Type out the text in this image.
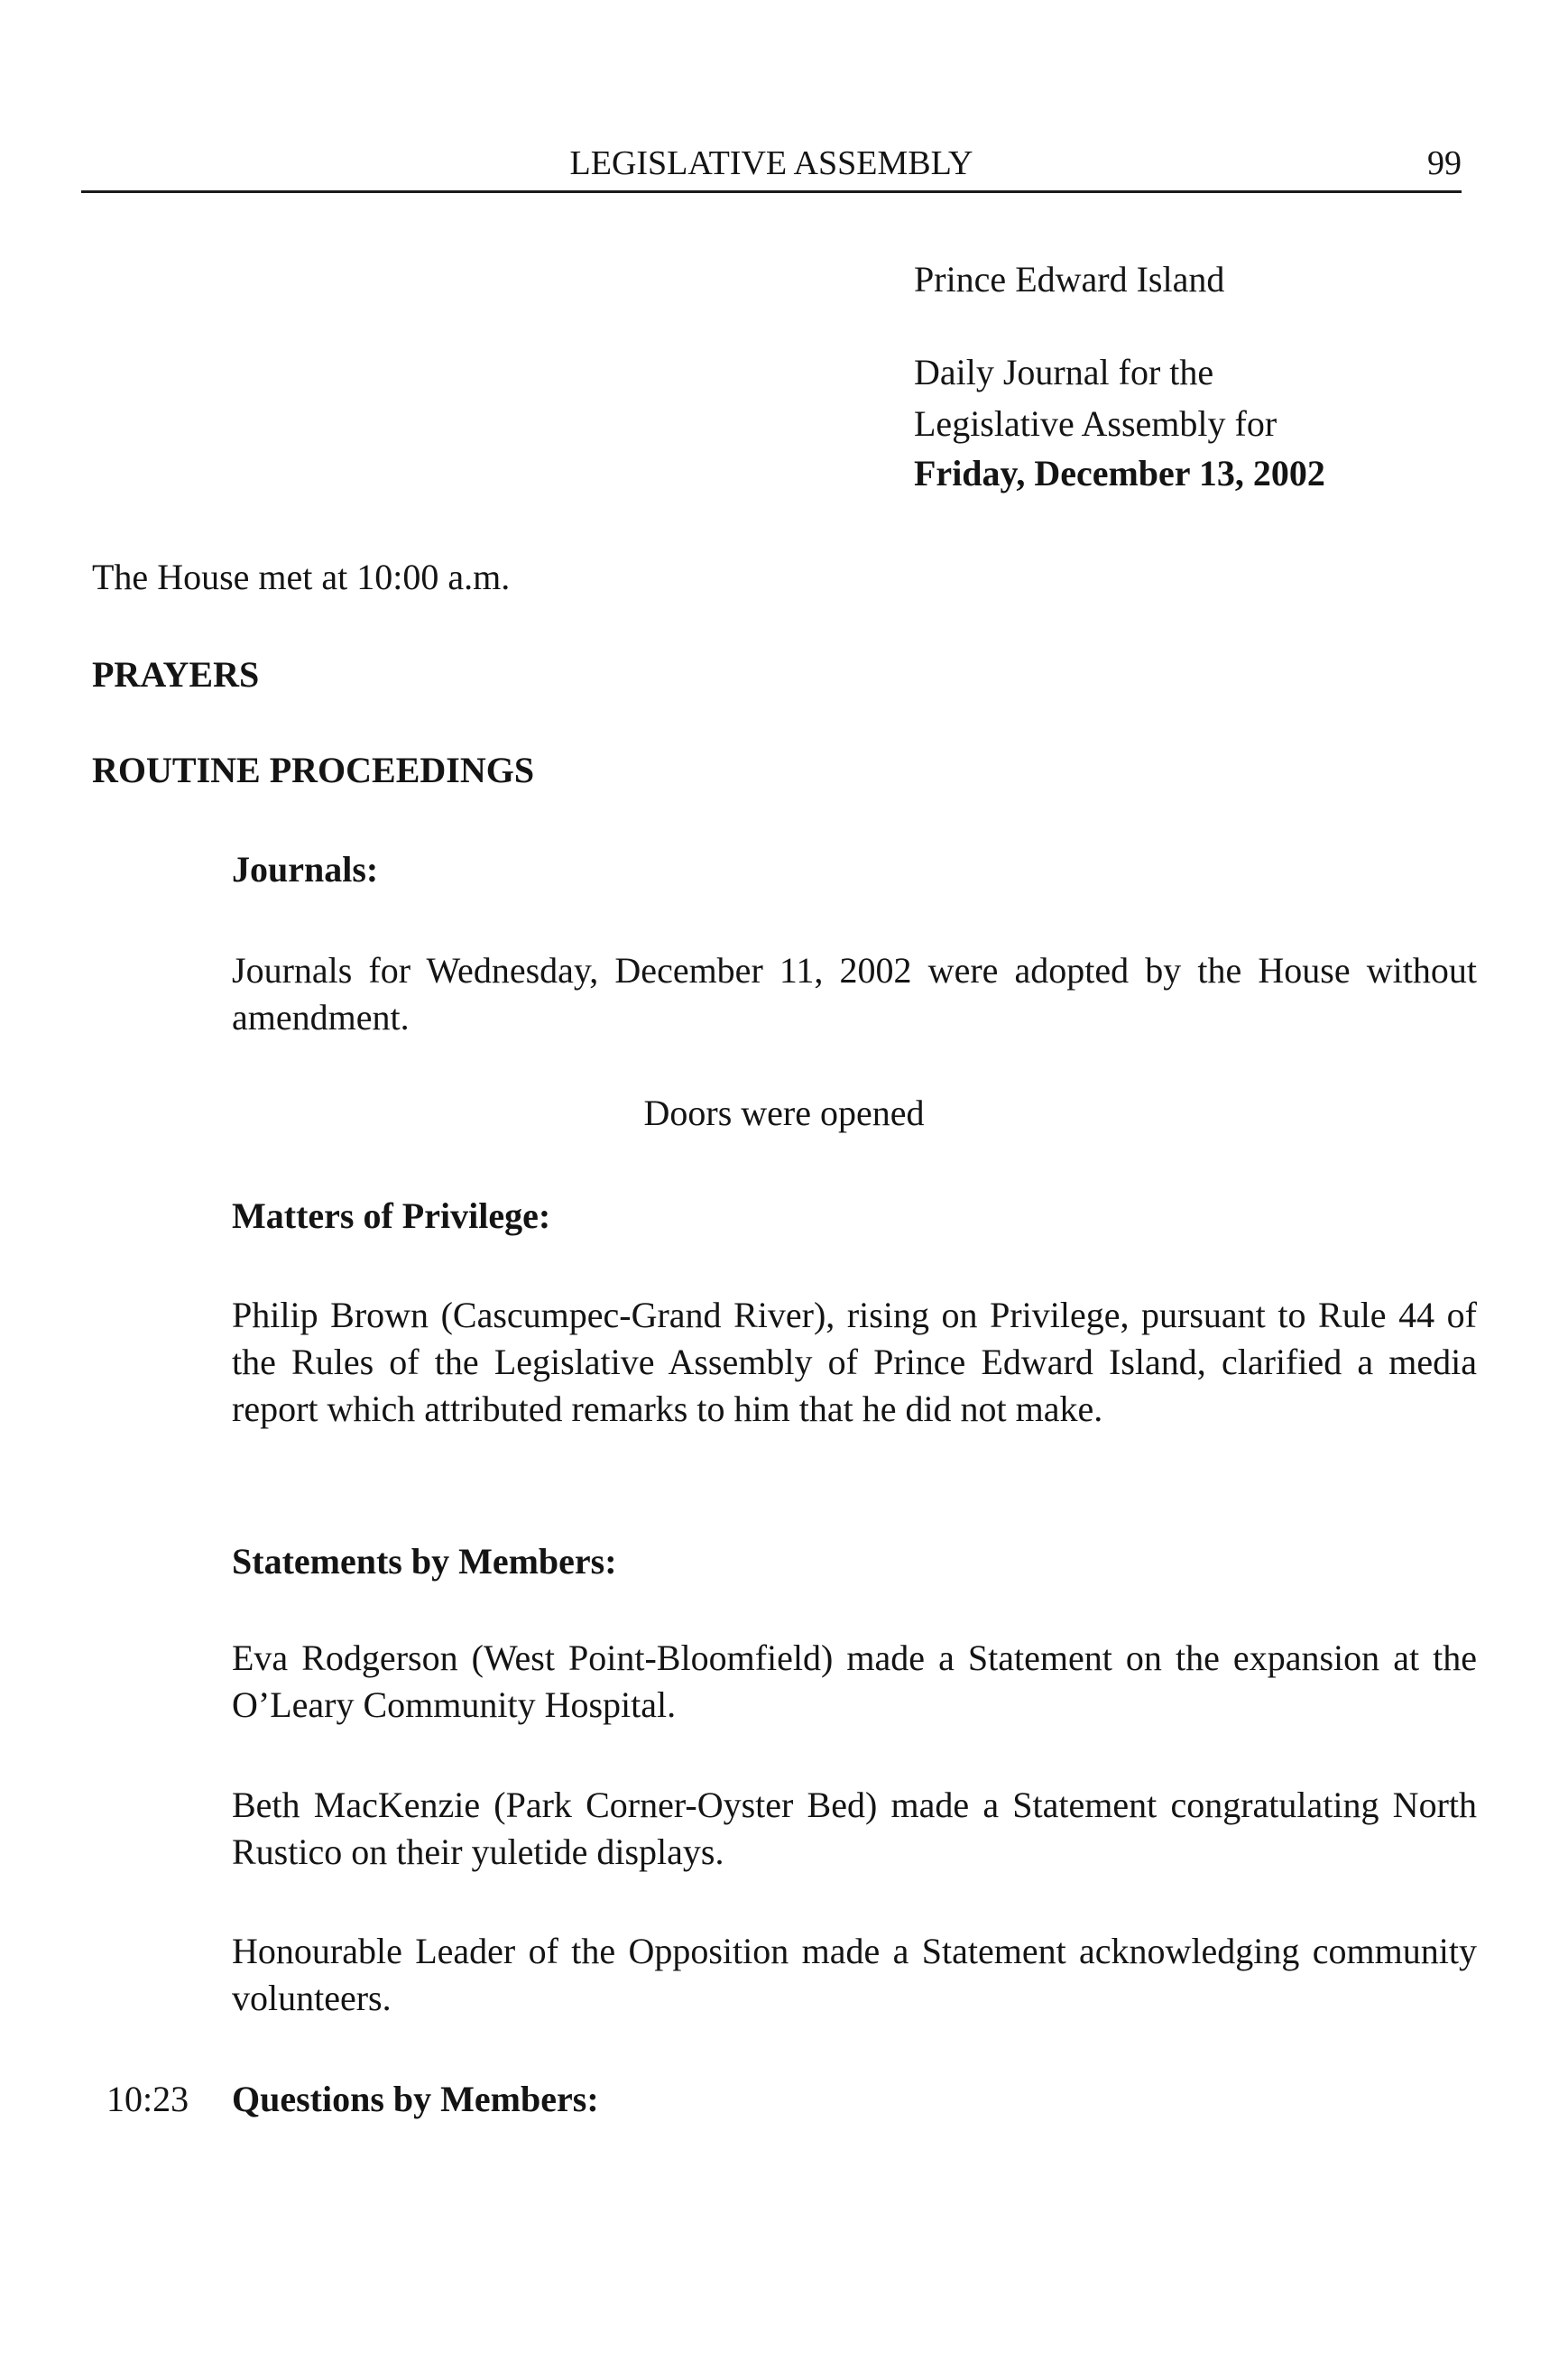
LEGISLATIVE ASSEMBLY	99
Prince Edward Island
Daily Journal for the
Legislative Assembly for
Friday, December 13, 2002
The House met at 10:00 a.m.
PRAYERS
ROUTINE PROCEEDINGS
Journals:

Journals for Wednesday, December 11, 2002 were adopted by the House without amendment.

Doors were opened
Matters of Privilege:

Philip Brown (Cascumpec-Grand River), rising on Privilege, pursuant to Rule 44 of the Rules of the Legislative Assembly of Prince Edward Island, clarified a media report which attributed remarks to him that he did not make.

Statements by Members:

Eva Rodgerson (West Point-Bloomfield) made a Statement on the expansion at the O’Leary Community Hospital.

Beth MacKenzie (Park Corner-Oyster Bed) made a Statement congratulating North Rustico on their yuletide displays.

Honourable Leader of the Opposition made a Statement acknowledging community volunteers.

10:23 Questions by Members:
